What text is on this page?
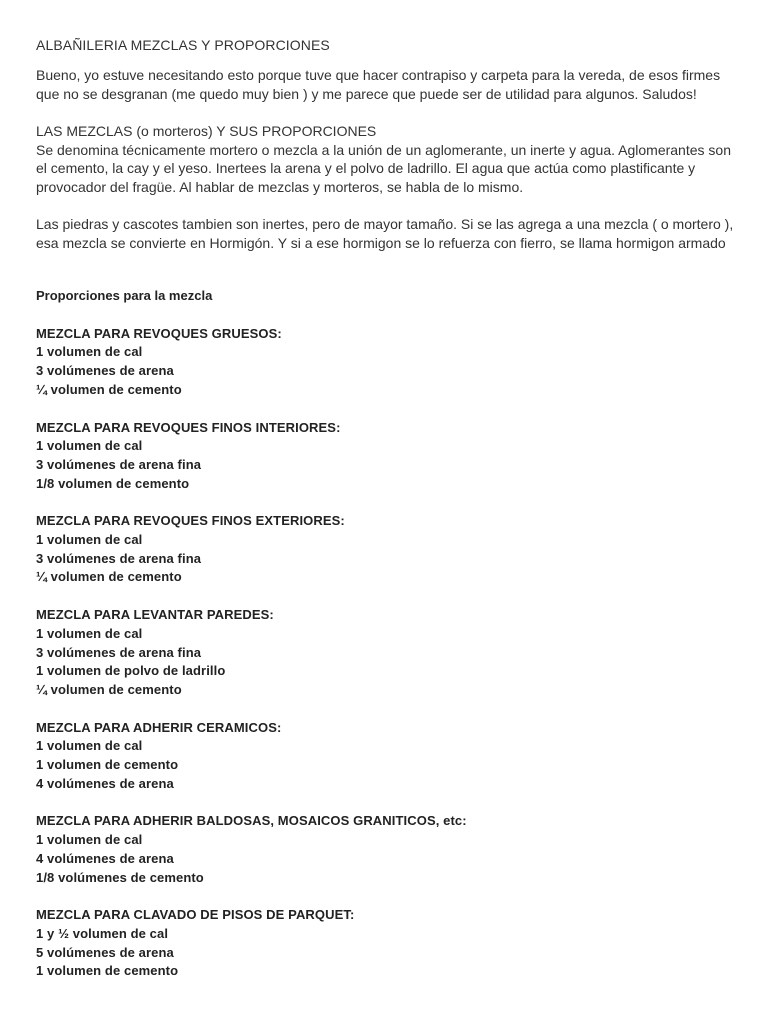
ALBAÑILERIA MEZCLAS Y PROPORCIONES

Bueno, yo estuve necesitando esto porque tuve que hacer contrapiso y carpeta para la vereda, de esos firmes que no se desgranan (me quedo muy bien ) y me parece que puede ser de utilidad para algunos. Saludos!

LAS MEZCLAS (o morteros) Y SUS PROPORCIONES

Se denomina técnicamente mortero o mezcla a la unión de un aglomerante, un inerte y agua. Aglomerantes son el cemento, la cay y el yeso. Inertees la arena y el polvo de ladrillo. El agua que actúa como plastificante y provocador del fragüe. Al hablar de mezclas y morteros, se habla de lo mismo.

Las piedras y cascotes tambien son inertes, pero de mayor tamaño. Si se las agrega a una mezcla ( o mortero ), esa mezcla se convierte en Hormigón. Y si a ese hormigon se lo refuerza con fierro, se llama hormigon armado

Proporciones para la mezcla

MEZCLA PARA REVOQUES GRUESOS:

1 volumen de cal

3 volúmenes de arena

¼ volumen de cemento

MEZCLA PARA REVOQUES FINOS INTERIORES:

1 volumen de cal

3 volúmenes de arena fina

1/8 volumen de cemento

MEZCLA PARA REVOQUES FINOS EXTERIORES:

1 volumen de cal

3 volúmenes de arena fina

¼ volumen de cemento

MEZCLA PARA LEVANTAR PAREDES:

1 volumen de cal

3 volúmenes de arena fina

1 volumen de polvo de ladrillo

¼ volumen de cemento

MEZCLA PARA ADHERIR CERAMICOS:

1 volumen de cal

1 volumen de cemento

4 volúmenes de arena

MEZCLA PARA ADHERIR BALDOSAS, MOSAICOS GRANITICOS, etc:

1 volumen de cal

4 volúmenes de arena

1/8 volúmenes de cemento

MEZCLA PARA CLAVADO DE PISOS DE PARQUET:

1 y ½ volumen de cal

5 volúmenes de arena

1 volumen de cemento
